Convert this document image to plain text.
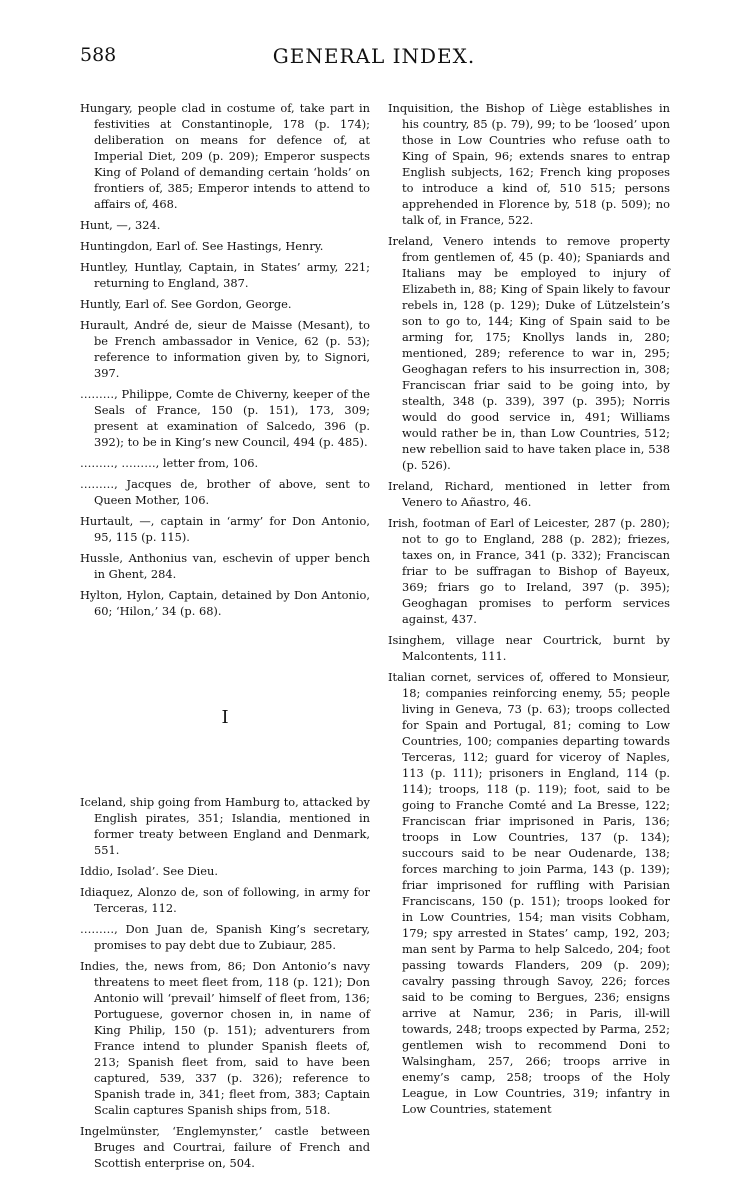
588	GENERAL INDEX.
Hungary, people clad in costume of, take part in festivities at Constantinople, 178 (p. 174); deliberation on means for defence of, at Imperial Diet, 209 (p. 209); Emperor suspects King of Poland of demanding certain ‘holds’ on frontiers of, 385; Emperor intends to attend to affairs of, 468.
Hunt, —, 324.
Huntingdon, Earl of. See Hastings, Henry.
Huntley, Huntlay, Captain, in States’ army, 221; returning to England, 387.
Huntly, Earl of. See Gordon, George.
Hurault, André de, sieur de Maisse (Mesant), to be French ambassador in Venice, 62 (p. 53); reference to information given by, to Signori, 397.
………, Philippe, Comte de Chiverny, keeper of the Seals of France, 150 (p. 151), 173, 309; present at examination of Salcedo, 396 (p. 392); to be in King’s new Council, 494 (p. 485).
………, ………, letter from, 106.
………, Jacques de, brother of above, sent to Queen Mother, 106.
Hurtault, —, captain in ‘army’ for Don Antonio, 95, 115 (p. 115).
Hussle, Anthonius van, eschevin of upper bench in Ghent, 284.
Hylton, Hylon, Captain, detained by Don Antonio, 60; ‘Hilon,’ 34 (p. 68).
I
Iceland, ship going from Hamburg to, attacked by English pirates, 351; Islandia, mentioned in former treaty between England and Denmark, 551.
Iddio, Isolad’. See Dieu.
Idiaquez, Alonzo de, son of following, in army for Terceras, 112.
………, Don Juan de, Spanish King’s secretary, promises to pay debt due to Zubiaur, 285.
Indies, the, news from, 86; Don Antonio’s navy threatens to meet fleet from, 118 (p. 121); Don Antonio will ‘prevail’ himself of fleet from, 136; Portuguese, governor chosen in, in name of King Philip, 150 (p. 151); adventurers from France intend to plunder Spanish fleets of, 213; Spanish fleet from, said to have been captured, 539, 337 (p. 326); reference to Spanish trade in, 341; fleet from, 383; Captain Scalin captures Spanish ships from, 518.
Ingelmünster, ‘Englemynster,’ castle between Bruges and Courtrai, failure of French and Scottish enterprise on, 504.
Inquisition, the Bishop of Liège establishes in his country, 85 (p. 79), 99; to be ‘loosed’ upon those in Low Countries who refuse oath to King of Spain, 96; extends snares to entrap English subjects, 162; French king proposes to introduce a kind of, 510 515; persons apprehended in Florence by, 518 (p. 509); no talk of, in France, 522.
Ireland, Venero intends to remove property from gentlemen of, 45 (p. 40); Spaniards and Italians may be employed to injury of Elizabeth in, 88; King of Spain likely to favour rebels in, 128 (p. 129); Duke of Lützelstein’s son to go to, 144; King of Spain said to be arming for, 175; Knollys lands in, 280; mentioned, 289; reference to war in, 295; Geoghagan refers to his insurrection in, 308; Franciscan friar said to be going into, by stealth, 348 (p. 339), 397 (p. 395); Norris would do good service in, 491; Williams would rather be in, than Low Countries, 512; new rebellion said to have taken place in, 538 (p. 526).
Ireland, Richard, mentioned in letter from Venero to Añastro, 46.
Irish, footman of Earl of Leicester, 287 (p. 280); not to go to England, 288 (p. 282); friezes, taxes on, in France, 341 (p. 332); Franciscan friar to be suffragan to Bishop of Bayeux, 369; friars go to Ireland, 397 (p. 395); Geoghagan promises to perform services against, 437.
Isinghem, village near Courtrick, burnt by Malcontents, 111.
Italian cornet, services of, offered to Monsieur, 18; companies reinforcing enemy, 55; people living in Geneva, 73 (p. 63); troops collected for Spain and Portugal, 81; coming to Low Countries, 100; companies departing towards Terceras, 112; guard for viceroy of Naples, 113 (p. 111); prisoners in England, 114 (p. 114); troops, 118 (p. 119); foot, said to be going to Franche Comté and La Bresse, 122; Franciscan friar imprisoned in Paris, 136; troops in Low Countries, 137 (p. 134); succours said to be near Oudenarde, 138; forces marching to join Parma, 143 (p. 139); friar imprisoned for ruffling with Parisian Franciscans, 150 (p. 151); troops looked for in Low Countries, 154; man visits Cobham, 179; spy arrested in States’ camp, 192, 203; man sent by Parma to help Salcedo, 204; foot passing towards Flanders, 209 (p. 209); cavalry passing through Savoy, 226; forces said to be coming to Bergues, 236; ensigns arrive at Namur, 236; in Paris, ill-will towards, 248; troops expected by Parma, 252; gentlemen wish to recommend Doni to Walsingham, 257, 266; troops arrive in enemy’s camp, 258; troops of the Holy League, in Low Countries, 319; infantry in Low Countries, statement
